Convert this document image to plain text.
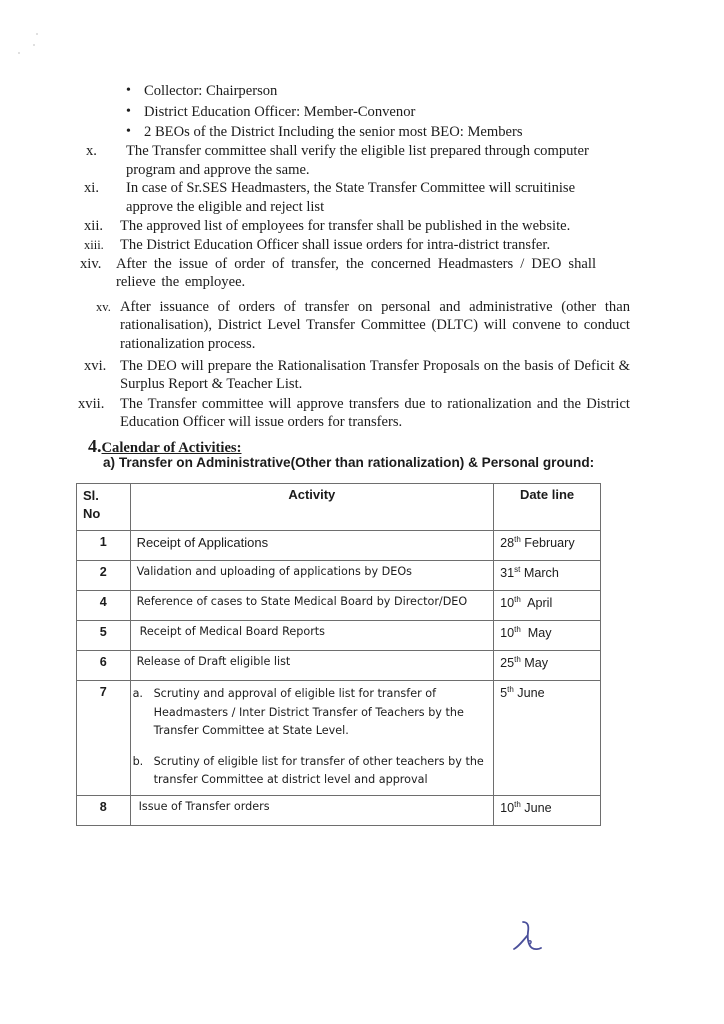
• Collector: Chairperson
• District Education Officer: Member-Convenor
• 2 BEOs of the District Including the senior most BEO: Members
x. The Transfer committee shall verify the eligible list prepared through computer program and approve the same.
xi. In case of Sr.SES Headmasters, the State Transfer Committee will scruitinise approve the eligible and reject list
xii. The approved list of employees for transfer shall be published in the website.
xiii. The District Education Officer shall issue orders for intra-district transfer.
xiv. After the issue of order of transfer, the concerned Headmasters / DEO shall relieve the employee.
xv. After issuance of orders of transfer on personal and administrative (other than rationalisation), District Level Transfer Committee (DLTC) will convene to conduct rationalization process.
xvi. The DEO will prepare the Rationalisation Transfer Proposals on the basis of Deficit & Surplus Report & Teacher List.
xvii. The Transfer committee will approve transfers due to rationalization and the District Education Officer will issue orders for transfers.
4.Calendar of Activities:
a) Transfer on Administrative(Other than rationalization) & Personal ground:
Sl.
No	Activity	Date line
1	Receipt of Applications	28th February
2	Validation and uploading of applications by DEOs	31st March
4	Reference of cases to State Medical Board by Director/DEO	10th April
5	Receipt of Medical Board Reports	10th May
6	Release of Draft eligible list	25th May
7	a. Scrutiny and approval of eligible list for transfer of Headmasters / Inter District Transfer of Teachers by the Transfer Committee at State Level.
b. Scrutiny of eligible list for transfer of other teachers by the transfer Committee at district level and approval	5th June
8	Issue of Transfer orders	10th June
